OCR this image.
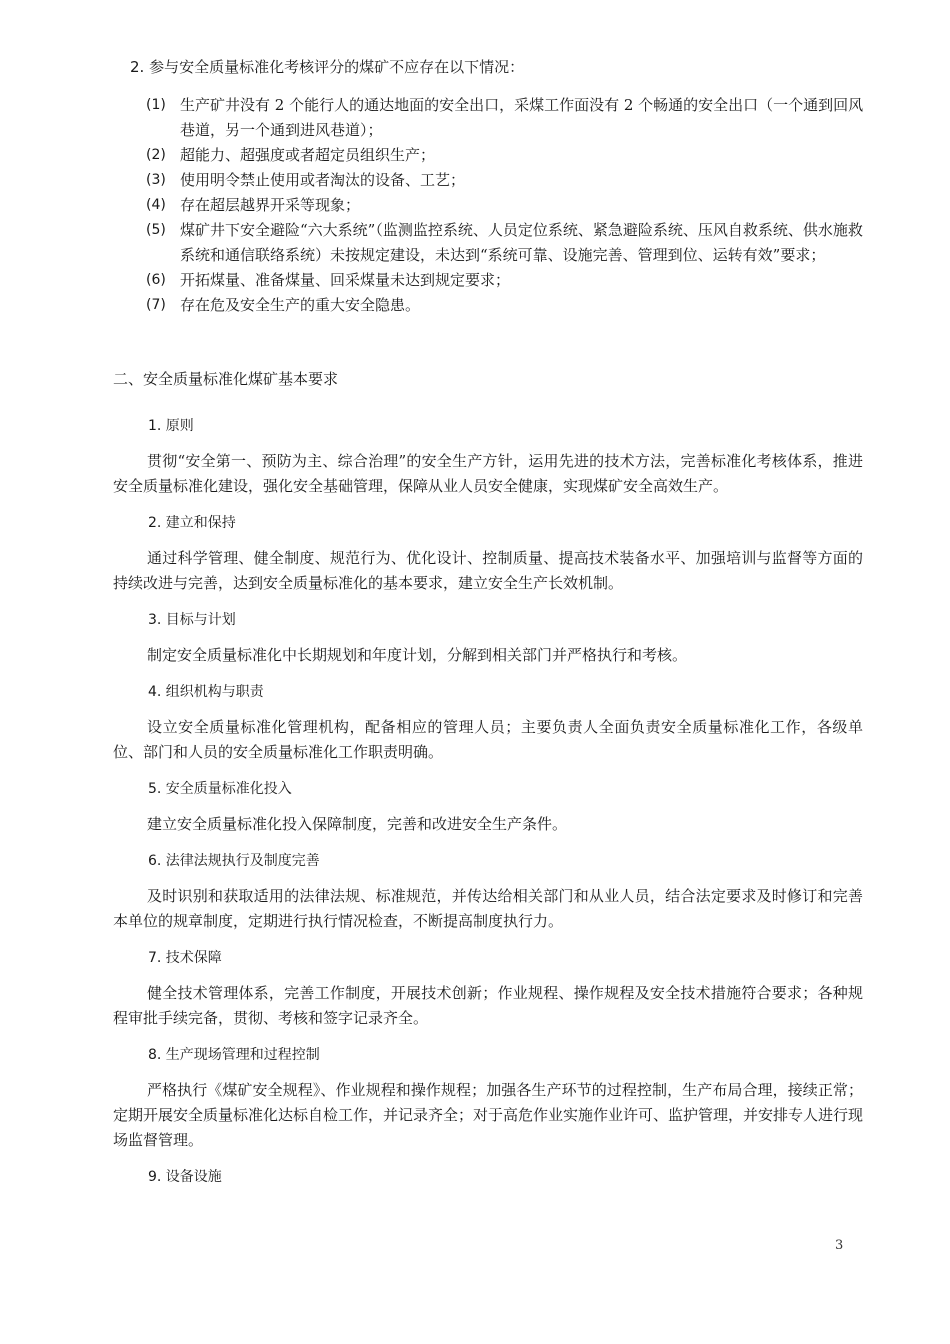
2. 参与安全质量标准化考核评分的煤矿不应存在以下情况：
(1) 生产矿井没有 2 个能行人的通达地面的安全出口，采煤工作面没有 2 个畅通的安全出口（一个通到回风巷道，另一个通到进风巷道）；
(2) 超能力、超强度或者超定员组织生产；
(3) 使用明令禁止使用或者淘汰的设备、工艺；
(4) 存在超层越界开采等现象；
(5) 煤矿井下安全避险“六大系统”（监测监控系统、人员定位系统、紧急避险系统、压风自救系统、供水施救系统和通信联络系统）未按规定建设，未达到“系统可靠、设施完善、管理到位、运转有效”要求；
(6) 开拓煤量、准备煤量、回采煤量未达到规定要求；
(7) 存在危及安全生产的重大安全隐患。
二、安全质量标准化煤矿基本要求
1. 原则

贯彻“安全第一、预防为主、综合治理”的安全生产方针，运用先进的技术方法，完善标准化考核体系，推进安全质量标准化建设，强化安全基础管理，保障从业人员安全健康，实现煤矿安全高效生产。

2. 建立和保持

通过科学管理、健全制度、规范行为、优化设计、控制质量、提高技术装备水平、加强培训与监督等方面的持续改进与完善，达到安全质量标准化的基本要求，建立安全生产长效机制。

3. 目标与计划

制定安全质量标准化中长期规划和年度计划，分解到相关部门并严格执行和考核。

4. 组织机构与职责

设立安全质量标准化管理机构，配备相应的管理人员；主要负责人全面负责安全质量标准化工作，各级单位、部门和人员的安全质量标准化工作职责明确。

5. 安全质量标准化投入

建立安全质量标准化投入保障制度，完善和改进安全生产条件。

6. 法律法规执行及制度完善

及时识别和获取适用的法律法规、标准规范，并传达给相关部门和从业人员，结合法定要求及时修订和完善本单位的规章制度，定期进行执行情况检查，不断提高制度执行力。

7. 技术保障

健全技术管理体系，完善工作制度，开展技术创新；作业规程、操作规程及安全技术措施符合要求；各种规程审批手续完备，贯彻、考核和签字记录齐全。

8. 生产现场管理和过程控制

严格执行《煤矿安全规程》、作业规程和操作规程；加强各生产环节的过程控制，生产布局合理，接续正常；定期开展安全质量标准化达标自检工作，并记录齐全；对于高危作业实施作业许可、监护管理，并安排专人进行现场监督管理。

9. 设备设施
3
